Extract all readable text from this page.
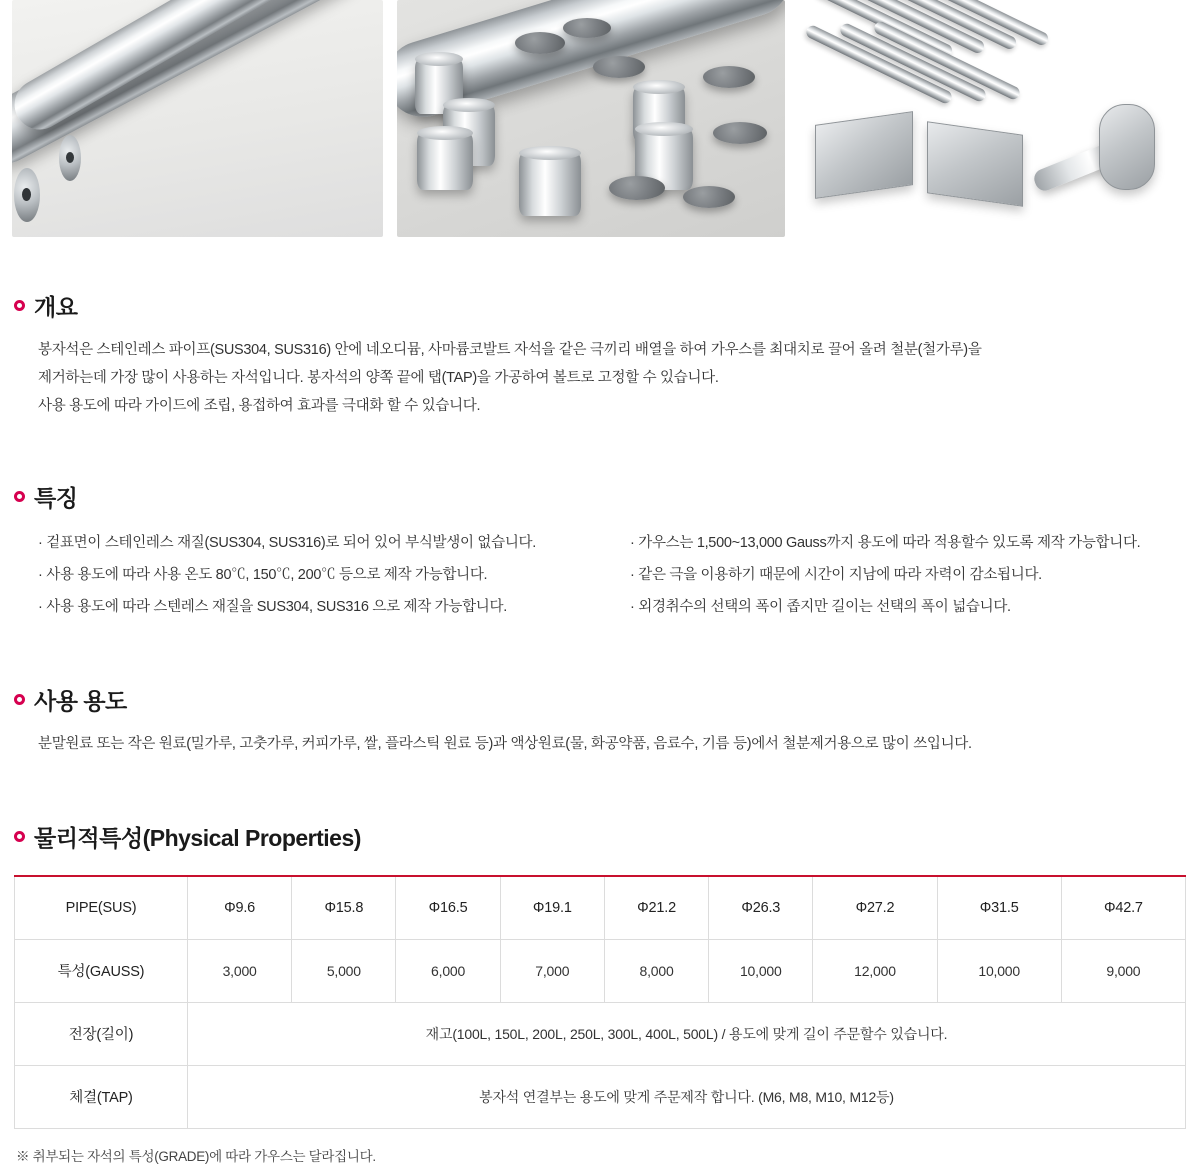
개요

봉자석은 스테인레스 파이프(SUS304, SUS316) 안에 네오디뮴, 사마륨코발트 자석을 같은 극끼리 배열을 하여 가우스를 최대치로 끌어 올려 철분(철가루)을

제거하는데 가장 많이 사용하는 자석입니다. 봉자석의 양쪽 끝에 탭(TAP)을 가공하여 볼트로 고정할 수 있습니다.

사용 용도에 따라 가이드에 조립, 용접하여 효과를 극대화 할 수 있습니다.

특징
· 겉표면이 스테인레스 재질(SUS304, SUS316)로 되어 있어 부식발생이 없습니다.
· 사용 용도에 따라 사용 온도 80℃, 150℃, 200℃ 등으로 제작 가능합니다.
· 사용 용도에 따라 스텐레스 재질을 SUS304, SUS316 으로 제작 가능합니다.
· 가우스는 1,500~13,000 Gauss까지 용도에 따라 적용할수 있도록 제작 가능합니다.
· 같은 극을 이용하기 때문에 시간이 지남에 따라 자력이 감소됩니다.
· 외경취수의 선택의 폭이 좁지만 길이는 선택의 폭이 넓습니다.
사용 용도

분말원료 또는 작은 원료(밀가루, 고춧가루, 커피가루, 쌀, 플라스틱 원료 등)과 액상원료(물, 화공약품, 음료수, 기름 등)에서 철분제거용으로 많이 쓰입니다.

물리적특성(Physical Properties)
PIPE(SUS)	Φ9.6	Φ15.8	Φ16.5	Φ19.1	Φ21.2	Φ26.3	Φ27.2	Φ31.5	Φ42.7
특성(GAUSS)	3,000	5,000	6,000	7,000	8,000	10,000	12,000	10,000	9,000
전장(길이)	재고(100L, 150L, 200L, 250L, 300L, 400L, 500L) / 용도에 맞게 길이 주문할수 있습니다.								
체결(TAP)	봉자석 연결부는 용도에 맞게 주문제작 합니다. (M6, M8, M10, M12등)								
※ 취부되는 자석의 특성(GRADE)에 따라 가우스는 달라집니다.
